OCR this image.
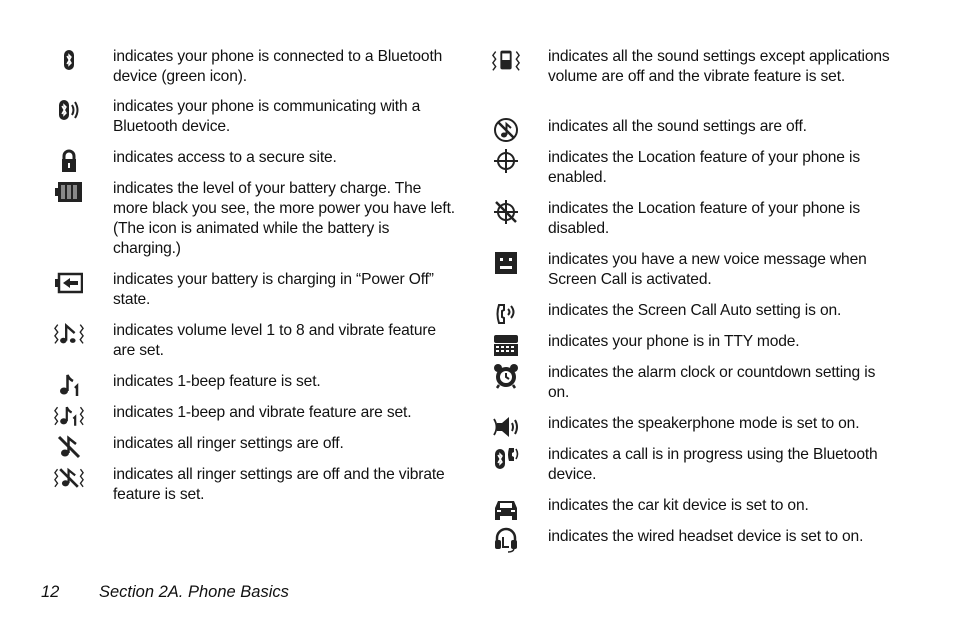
indicates your phone is connected to a Bluetooth device (green icon).
indicates your phone is communicating with a Bluetooth device.
indicates access to a secure site.
indicates the level of your battery charge. The more black you see, the more power you have left. (The icon is animated while the battery is charging.)
indicates your battery is charging in “Power Off” state.
indicates volume level 1 to 8 and vibrate feature are set.
indicates 1-beep feature is set.
indicates 1-beep and vibrate feature are set.
indicates all ringer settings are off.
indicates all ringer settings are off and the vibrate feature is set.
indicates all the sound settings except applications volume are off and the vibrate feature is set.
indicates all the sound settings are off.
indicates the Location feature of your phone is enabled.
indicates the Location feature of your phone is disabled.
indicates you have a new voice message when Screen Call is activated.
indicates the Screen Call Auto setting is on.
indicates your phone is in TTY mode.
indicates the alarm clock or countdown setting is on.
indicates the speakerphone mode is set to on.
indicates a call is in progress using the Bluetooth device.
indicates the car kit device is set to on.
indicates the wired headset device is set to on.
12 Section 2A. Phone Basics
